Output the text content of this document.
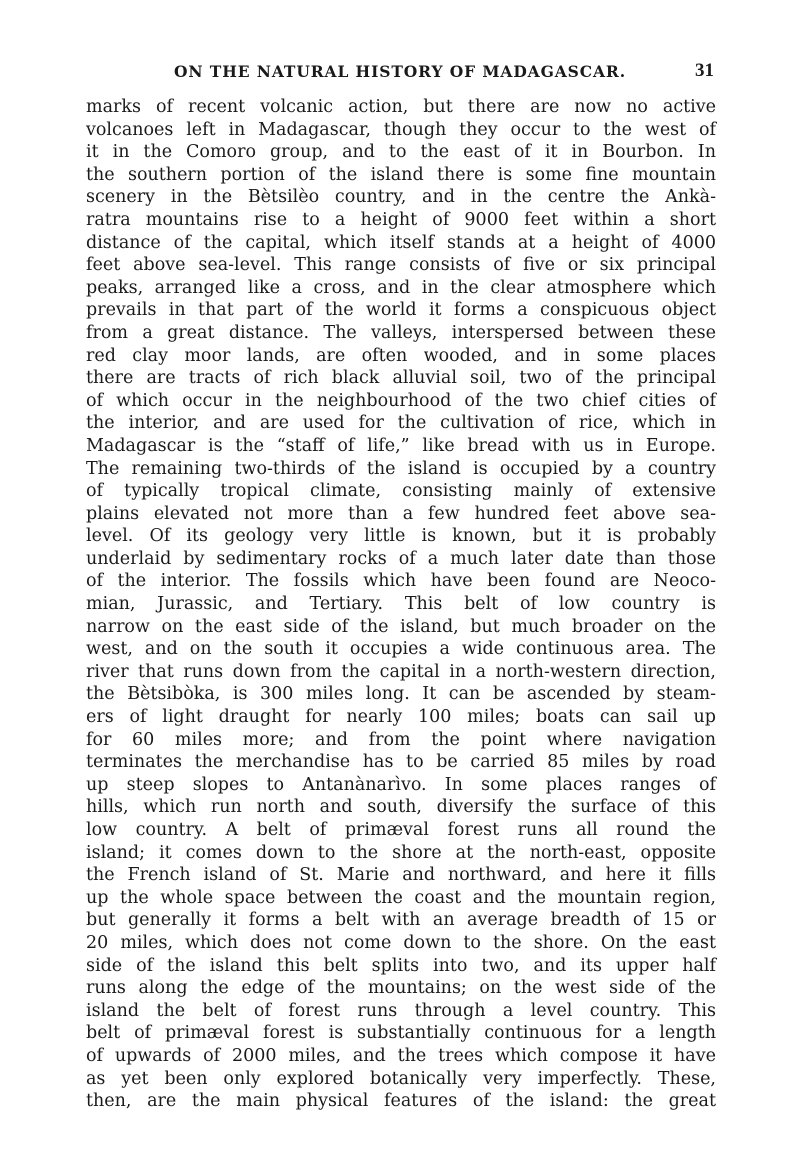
ON THE NATURAL HISTORY OF MADAGASCAR.	31
marks of recent volcanic action, but there are now no active
volcanoes left in Madagascar, though they occur to the west of
it in the Comoro group, and to the east of it in Bourbon. In
the southern portion of the island there is some fine mountain
scenery in the Bètsilèo country, and in the centre the Ankà-
ratra mountains rise to a height of 9000 feet within a short
distance of the capital, which itself stands at a height of 4000
feet above sea-level. This range consists of five or six principal
peaks, arranged like a cross, and in the clear atmosphere which
prevails in that part of the world it forms a conspicuous object
from a great distance. The valleys, interspersed between these
red clay moor lands, are often wooded, and in some places
there are tracts of rich black alluvial soil, two of the principal
of which occur in the neighbourhood of the two chief cities of
the interior, and are used for the cultivation of rice, which in
Madagascar is the “staff of life,” like bread with us in Europe.
The remaining two-thirds of the island is occupied by a country
of typically tropical climate, consisting mainly of extensive
plains elevated not more than a few hundred feet above sea-
level. Of its geology very little is known, but it is probably
underlaid by sedimentary rocks of a much later date than those
of the interior. The fossils which have been found are Neoco-
mian, Jurassic, and Tertiary. This belt of low country is
narrow on the east side of the island, but much broader on the
west, and on the south it occupies a wide continuous area. The
river that runs down from the capital in a north-western direction,
the Bètsibòka, is 300 miles long. It can be ascended by steam-
ers of light draught for nearly 100 miles; boats can sail up
for 60 miles more; and from the point where navigation
terminates the merchandise has to be carried 85 miles by road
up steep slopes to Antanànarìvo. In some places ranges of
hills, which run north and south, diversify the surface of this
low country. A belt of primæval forest runs all round the
island; it comes down to the shore at the north-east, opposite
the French island of St. Marie and northward, and here it fills
up the whole space between the coast and the mountain region,
but generally it forms a belt with an average breadth of 15 or
20 miles, which does not come down to the shore. On the east
side of the island this belt splits into two, and its upper half
runs along the edge of the mountains; on the west side of the
island the belt of forest runs through a level country. This
belt of primæval forest is substantially continuous for a length
of upwards of 2000 miles, and the trees which compose it have
as yet been only explored botanically very imperfectly. These,
then, are the main physical features of the island: the great
